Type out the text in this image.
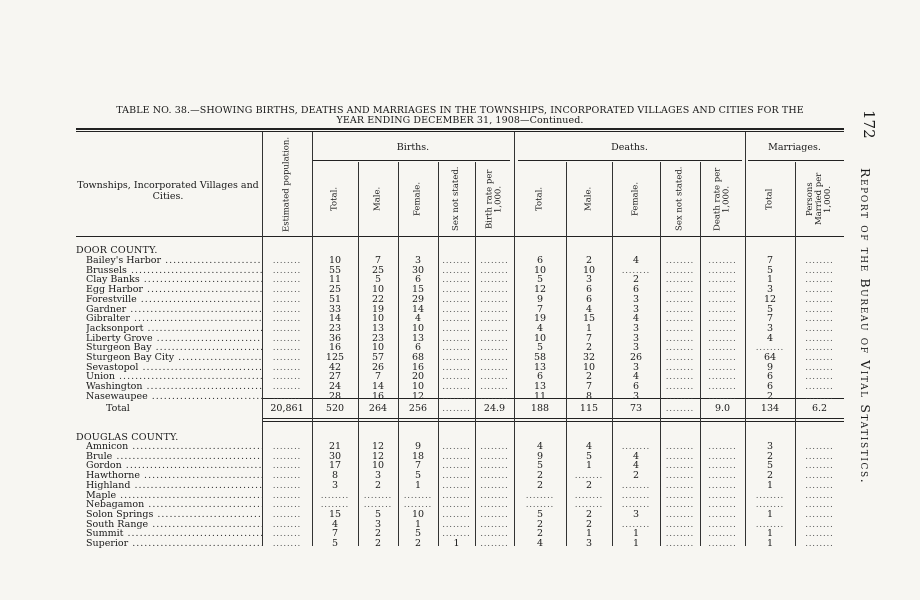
TABLE NO. 38.—SHOWING BIRTHS, DEATHS AND MARRIAGES IN THE TOWNSHIPS, INCORPORATED VILLAGES AND CITIES FOR THE
YEAR ENDING DECEMBER 31, 1908—Continued.	172
Report of the Bureau of Vital Statistics.
Townships, Incorporated Villages and Cities.
Births.	Deaths.	Marriages.
Estimated population.	Total.	Male.	Female.	Sex not stated.	Birth rate per 1,000.	Total.	Male.	Female.	Sex not stated.	Death rate per 1,000.	Total	Persons Married per 1,000.
DOOR COUNTY.
Bailey's Harbor .....	........	10	7	3	........	........	6	2	4	........	........	7	........
Brussels .....	........	55	25	30	........	........	10	10	........	........	........	5	........
Clay Banks .....	........	11	5	6	........	........	5	3	2	........	........	1	........
Egg Harbor .....	........	25	10	15	........	........	12	6	6	........	........	3	........
Forestville .....	........	51	22	29	........	........	9	6	3	........	........	12	........
Gardner .....	........	33	19	14	........	........	7	4	3	........	........	5	........
Gibralter .....	........	14	10	4	........	........	19	15	4	........	........	7	........
Jacksonport .....	........	23	13	10	........	........	4	1	3	........	........	3	........
Liberty Grove .....	........	36	23	13	........	........	10	7	3	........	........	4	........
Sturgeon Bay .....	........	16	10	6	........	........	5	2	3	........	........	........	........
Sturgeon Bay City .....	........	125	57	68	........	........	58	32	26	........	........	64	........
Sevastopol .....	........	42	26	16	........	........	13	10	3	........	........	9	........
Union .....	........	27	7	20	........	........	6	2	4	........	........	6	........
Washington .....	........	24	14	10	........	........	13	7	6	........	........	6	........
Nasewaupee .....	........	28	16	12	........	........	11	8	3	........	........	2	........
Total	20,861	520	264	256	........	24.9	188	115	73	........	9.0	134	6.2
DOUGLAS COUNTY.
Amnicon .....	........	21	12	9	........	........	4	4	........	........	........	3	........
Brule .....	........	30	12	18	........	........	9	5	4	........	........	2	........
Gordon .....	........	17	10	7	........	........	5	1	4	........	........	5	........
Hawthorne .....	........	8	3	5	........	........	2	........	2	........	........	2	........
Highland .....	........	3	2	1	........	........	2	2	........	........	........	1	........
Maple .....	........	........	........	........	........	........	........	........	........	........	........	........	........
Nebagamon .....	........	........	........	........	........	........	........	........	........	........	........	........	........
Solon Springs .....	........	15	5	10	........	........	5	2	3	........	........	1	........
South Range .....	........	4	3	1	........	........	2	2	........	........	........	........	........
Summit .....	........	7	2	5	........	........	2	1	1	........	........	1	........
Superior .....	........	5	2	2	1	........	4	3	1	........	........	1	........
